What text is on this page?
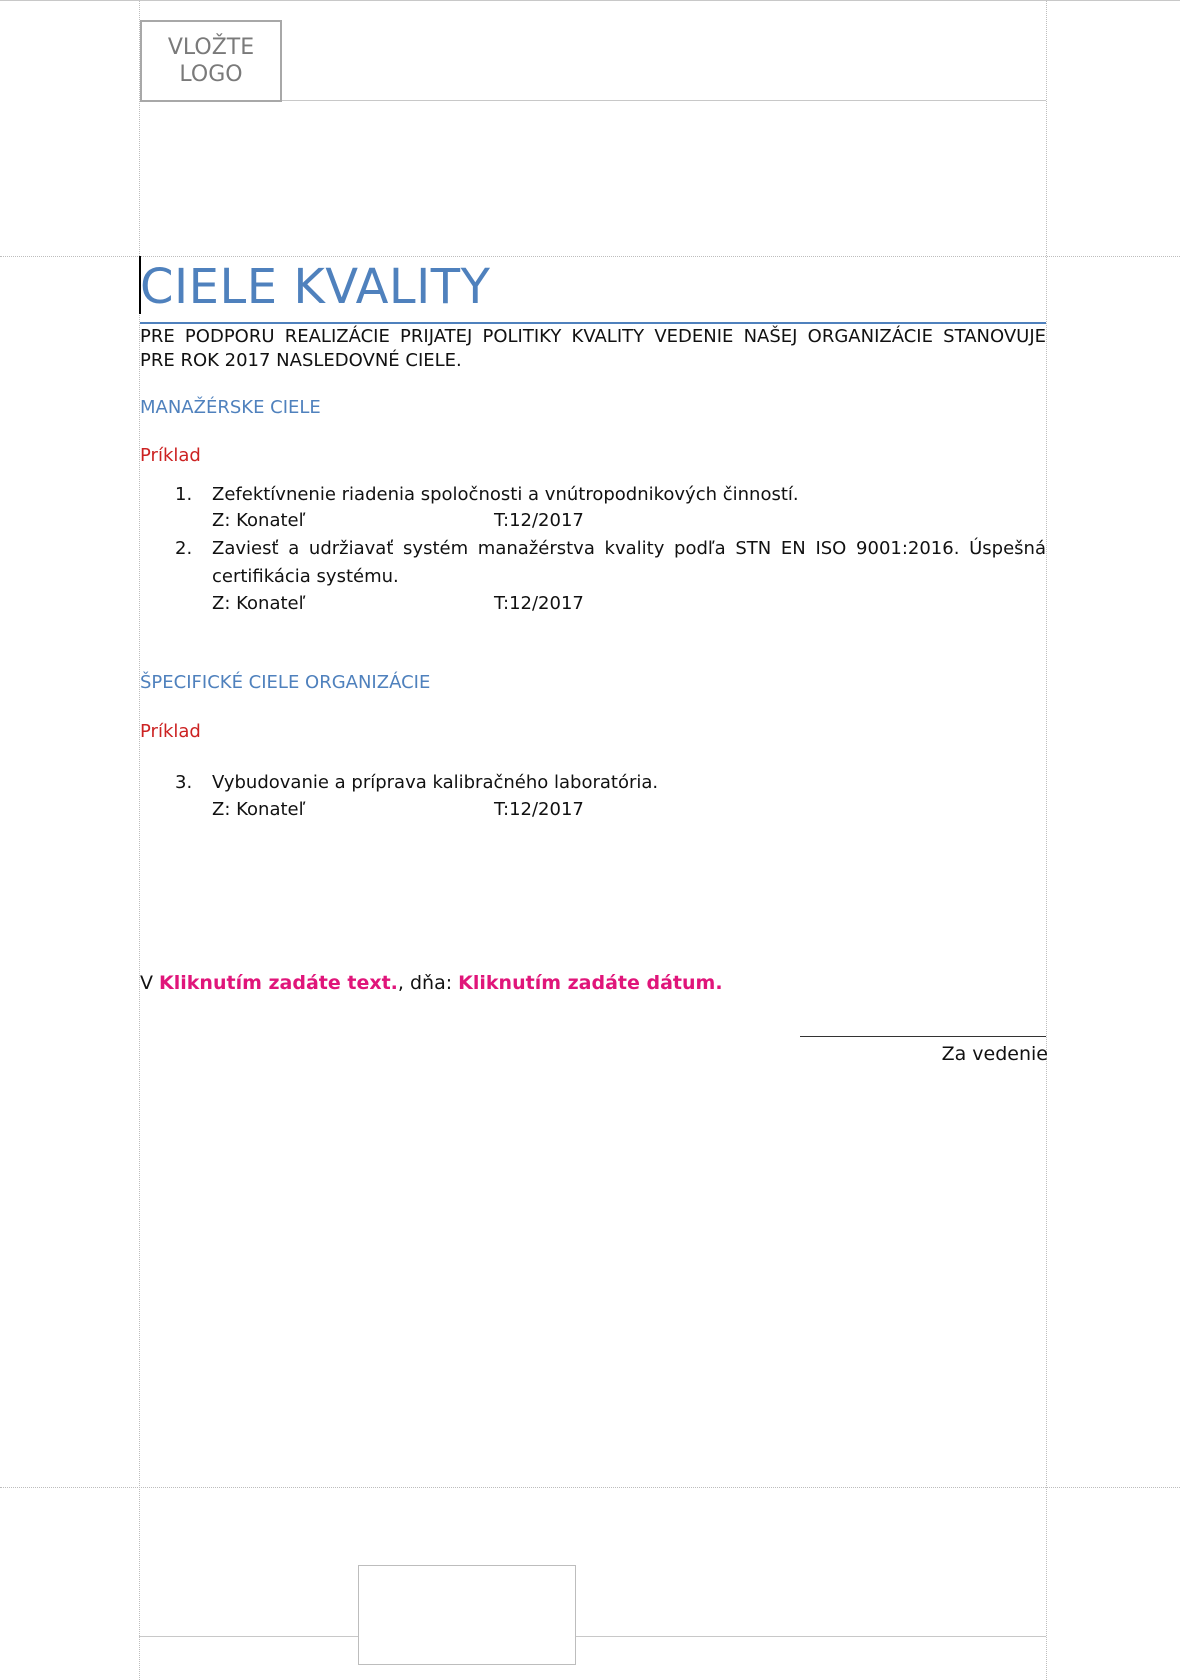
VLOŽTE
LOGO
CIELE KVALITY
PRE PODPORU REALIZÁCIE PRIJATEJ POLITIKY KVALITY VEDENIE NAŠEJ ORGANIZÁCIE STANOVUJE PRE ROK 2017 NASLEDOVNÉ CIELE.
MANAŽÉRSKE CIELE
Príklad
1. Zefektívnenie riadenia spoločnosti a vnútropodnikových činností.
Z: Konateľ	T:12/2017
2. Zaviesť a udržiavať systém manažérstva kvality podľa STN EN ISO 9001:2016. Úspešná certifikácia systému.
Z: Konateľ	T:12/2017
ŠPECIFICKÉ CIELE ORGANIZÁCIE
Príklad
3. Vybudovanie a príprava kalibračného laboratória.
Z: Konateľ	T:12/2017
V Kliknutím zadáte text., dňa: Kliknutím zadáte dátum.
Za vedenie
